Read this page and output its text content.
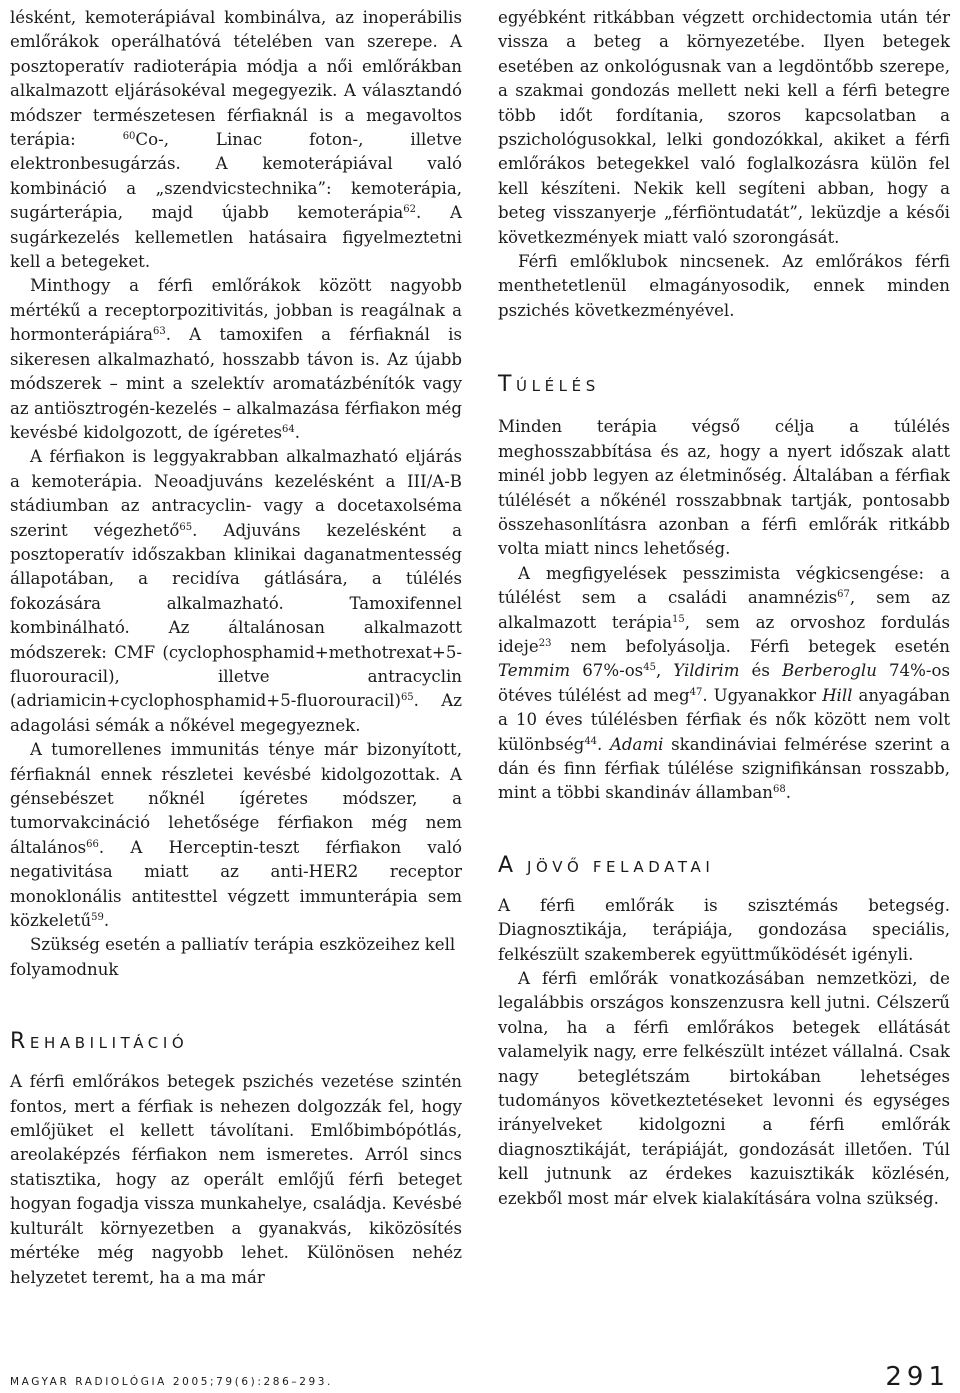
lésként, kemoterápiával kombinálva, az inoperábilis emlőrákok operálhatóvá tételében van szerepe. A posztoperatív radioterápia módja a női emlőrákban alkalmazott eljárásokéval megegyezik. A választandó módszer természetesen férfiaknál is a megavoltos terápia: $^{60}$Co-, Linac foton-, illetve elektronbesugárzás. A kemoterápiával való kombináció a „szendvicstechnika”: kemoterápia, sugárterápia, majd újabb kemoterápia$^{62}$. A sugárkezelés kellemetlen hatásaira figyelmeztetni kell a betegeket.

Minthogy a férfi emlőrákok között nagyobb mértékű a receptorpozitivitás, jobban is reagálnak a hormonterápiára$^{63}$. A tamoxifen a férfiaknál is sikeresen alkalmazható, hosszabb távon is. Az újabb módszerek – mint a szelektív aromatázbénítók vagy az antiösztrogén-kezelés – alkalmazása férfiakon még kevésbé kidolgozott, de ígéretes$^{64}$.

A férfiakon is leggyakrabban alkalmazható eljárás a kemoterápia. Neoadjuváns kezelésként a III/A-B stádiumban az antracyclin- vagy a docetaxolséma szerint végezhető$^{65}$. Adjuváns kezelésként a posztoperatív időszakban klinikai daganatmentesség állapotában, a recidíva gátlására, a túlélés fokozására alkalmazható. Tamoxifennel kombinálható. Az általánosan alkalmazott módszerek: CMF (cyclophosphamid+methotrexat+5-fluorouracil), illetve antracyclin (adriamicin+cyclophosphamid+5-fluorouracil)$^{65}$. Az adagolási sémák a nőkével megegyeznek.

A tumorellenes immunitás ténye már bizonyított, férfiaknál ennek részletei kevésbé kidolgozottak. A génsebészet nőknél ígéretes módszer, a tumorvakcináció lehetősége férfiakon még nem általános$^{66}$. A Herceptin-teszt férfiakon való negativitása miatt az anti-HER2 receptor monoklonális antitesttel végzett immunterápia sem közkeletű$^{59}$.

Szükség esetén a palliatív terápia eszközeihez kell folyamodnuk

REHABILITÁCIÓ

A férfi emlőrákos betegek pszichés vezetése szintén fontos, mert a férfiak is nehezen dolgozzák fel, hogy emlőjüket el kellett távolítani. Emlőbimbópótlás, areolaképzés férfiakon nem ismeretes. Arról sincs statisztika, hogy az operált emlőjű férfi beteget hogyan fogadja vissza munkahelye, családja. Kevésbé kulturált környezetben a gyanakvás, kiközösítés mértéke még nagyobb lehet. Különösen nehéz helyzetet teremt, ha a ma már

egyébként ritkábban végzett orchidectomia után tér vissza a beteg a környezetébe. Ilyen betegek esetében az onkológusnak van a legdöntőbb szerepe, a szakmai gondozás mellett neki kell a férfi betegre több időt fordítania, szoros kapcsolatban a pszichológusokkal, lelki gondozókkal, akiket a férfi emlőrákos betegekkel való foglalkozásra külön fel kell készíteni. Nekik kell segíteni abban, hogy a beteg visszanyerje „férfiöntudatát”, leküzdje a késői következmények miatt való szorongását.

Férfi emlőklubok nincsenek. Az emlőrákos férfi menthetetlenül elmagányosodik, ennek minden pszichés következményével.

TÚLÉLÉS

Minden terápia végső célja a túlélés meghosszabbítása és az, hogy a nyert időszak alatt minél jobb legyen az életminőség. Általában a férfiak túlélését a nőkénél rosszabbnak tartják, pontosabb összehasonlításra azonban a férfi emlőrák ritkább volta miatt nincs lehetőség.

A megfigyelések pesszimista végkicsengése: a túlélést sem a családi anamnézis$^{67}$, sem az alkalmazott terápia$^{15}$, sem az orvoshoz fordulás ideje$^{23}$ nem befolyásolja. Férfi betegek esetén Temmim $67\%-os^{45}$, Yildirim és Berberoglu 74%-os ötéves túlélést ad meg$^{47}$. Ugyanakkor Hill anyagában a 10 éves túlélésben férfiak és nők között nem volt különbség$^{44}$. Adami skandináviai felmérése szerint a dán és finn férfiak túlélése szignifikánsan rosszabb, mint a többi skandináv államban$^{68}$.

A JÖVŐ FELADATAI

A férfi emlőrák is szisztémás betegség. Diagnosztikája, terápiája, gondozása speciális, felkészült szakemberek együttműködését igényli.

A férfi emlőrák vonatkozásában nemzetközi, de legalábbis országos konszenzusra kell jutni. Célszerű volna, ha a férfi emlőrákos betegek ellátását valamelyik nagy, erre felkészült intézet vállalná. Csak nagy beteglétszám birtokában lehetséges tudományos következtetéseket levonni és egységes irányelveket kidolgozni a férfi emlőrák diagnosztikáját, terápiáját, gondozását illetően. Túl kell jutnunk az érdekes kazuisztikák közlésén, ezekből most már elvek kialakítására volna szükség.

MAGYAR RADIOLÓGIA 2005;79(6):286–293.	291
